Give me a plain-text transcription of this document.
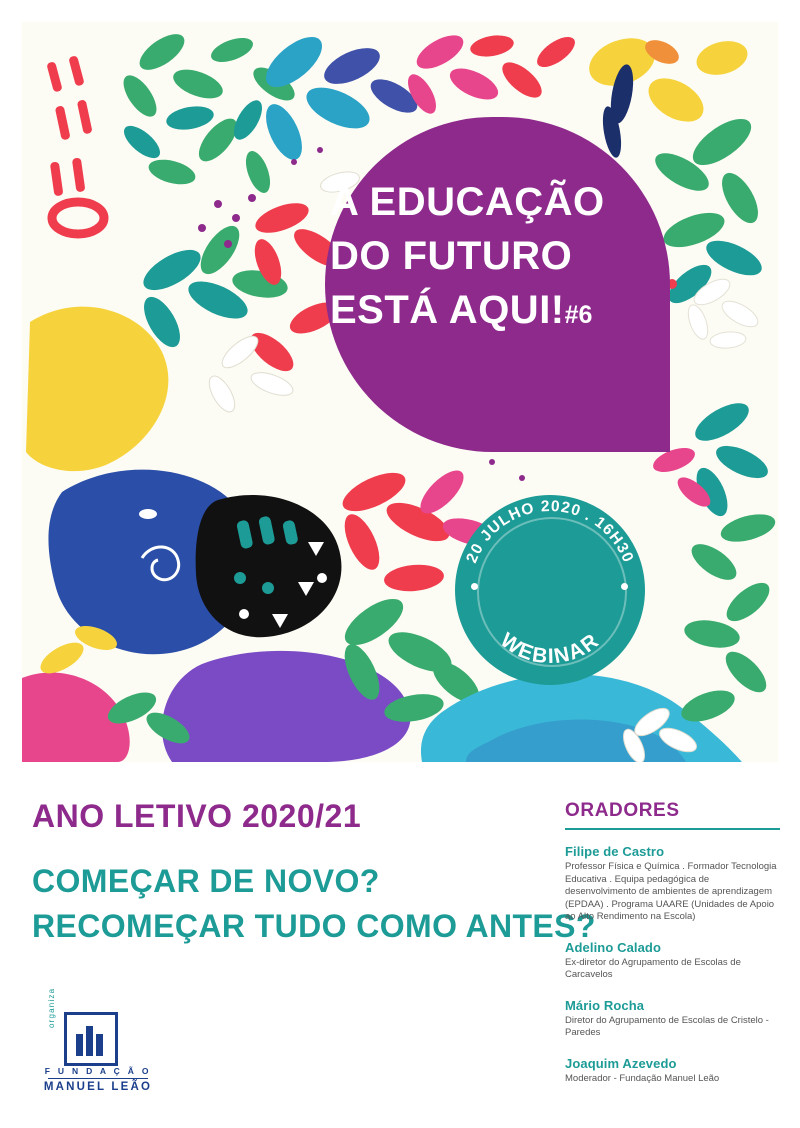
A EDUCAÇÃO
DO FUTURO
ESTÁ AQUI!#6
20 JULHO 2020 . 16H30
WEBINAR

ANO LETIVO 2020/21

COMEÇAR DE NOVO?

RECOMEÇAR TUDO COMO ANTES?

ORADORES

Filipe de Castro

Professor Física e Química . Formador Tecnologia Educativa . Equipa pedagógica de desenvolvimento de ambientes de aprendizagem (EPDAA) . Programa UAARE (Unidades de Apoio ao Alto Rendimento na Escola)

Adelino Calado

Ex-diretor do Agrupamento de Escolas de Carcavelos

Mário Rocha

Diretor do Agrupamento de Escolas de Cristelo - Paredes

Joaquim Azevedo

Moderador - Fundação Manuel Leão

organiza
F U N D A Ç Ã O
MANUEL LEÃO
